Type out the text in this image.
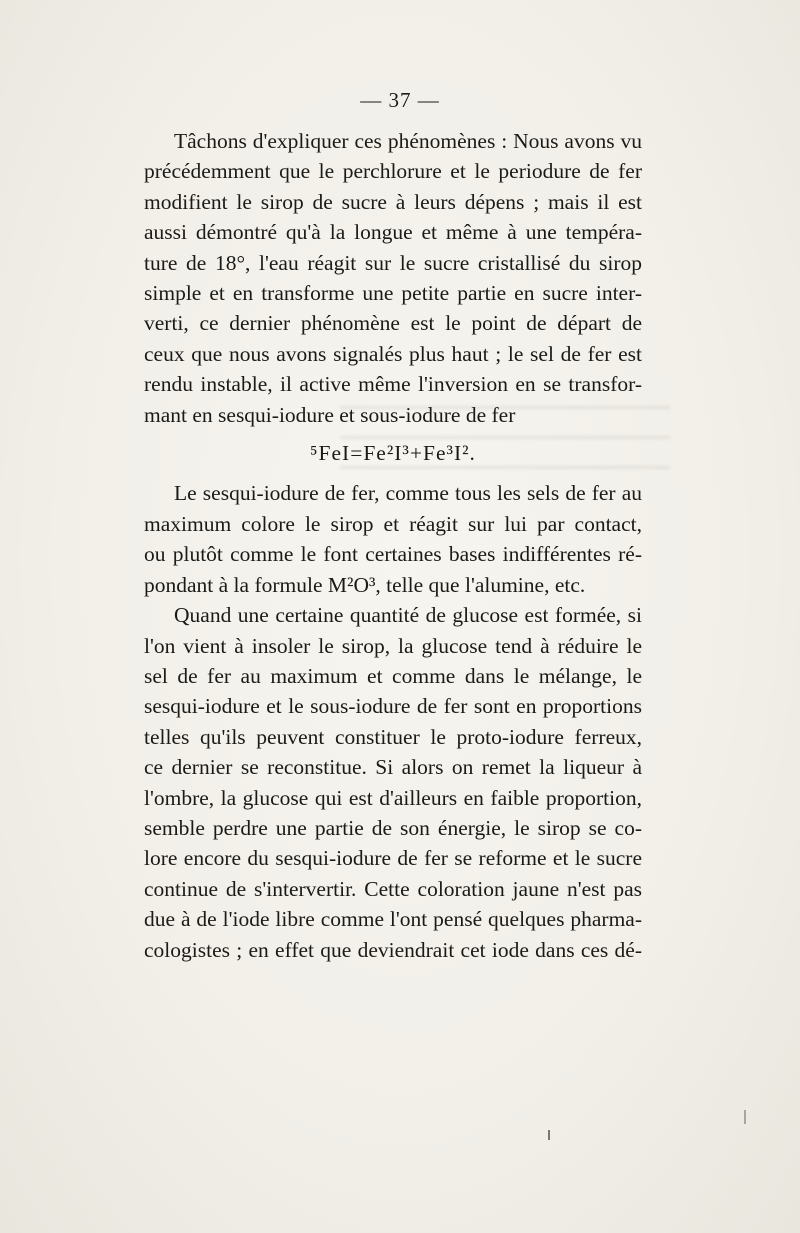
— 37 —
Tâchons d'expliquer ces phénomènes : Nous avons vu
précédemment que le perchlorure et le periodure de fer
modifient le sirop de sucre à leurs dépens ; mais il est
aussi démontré qu'à la longue et même à une tempéra-
ture de 18°, l'eau réagit sur le sucre cristallisé du sirop
simple et en transforme une petite partie en sucre inter-
verti, ce dernier phénomène est le point de départ de
ceux que nous avons signalés plus haut ; le sel de fer est
rendu instable, il active même l'inversion en se transfor-
mant en sesqui-iodure et sous-iodure de fer
⁵FeI=Fe²I³+Fe³I².
Le sesqui-iodure de fer, comme tous les sels de fer au
maximum colore le sirop et réagit sur lui par contact,
ou plutôt comme le font certaines bases indifférentes ré-
pondant à la formule M²O³, telle que l'alumine, etc.
Quand une certaine quantité de glucose est formée, si
l'on vient à insoler le sirop, la glucose tend à réduire le
sel de fer au maximum et comme dans le mélange, le
sesqui-iodure et le sous-iodure de fer sont en proportions
telles qu'ils peuvent constituer le proto-iodure ferreux,
ce dernier se reconstitue. Si alors on remet la liqueur à
l'ombre, la glucose qui est d'ailleurs en faible proportion,
semble perdre une partie de son énergie, le sirop se co-
lore encore du sesqui-iodure de fer se reforme et le sucre
continue de s'intervertir. Cette coloration jaune n'est pas
due à de l'iode libre comme l'ont pensé quelques pharma-
cologistes ; en effet que deviendrait cet iode dans ces dé-
